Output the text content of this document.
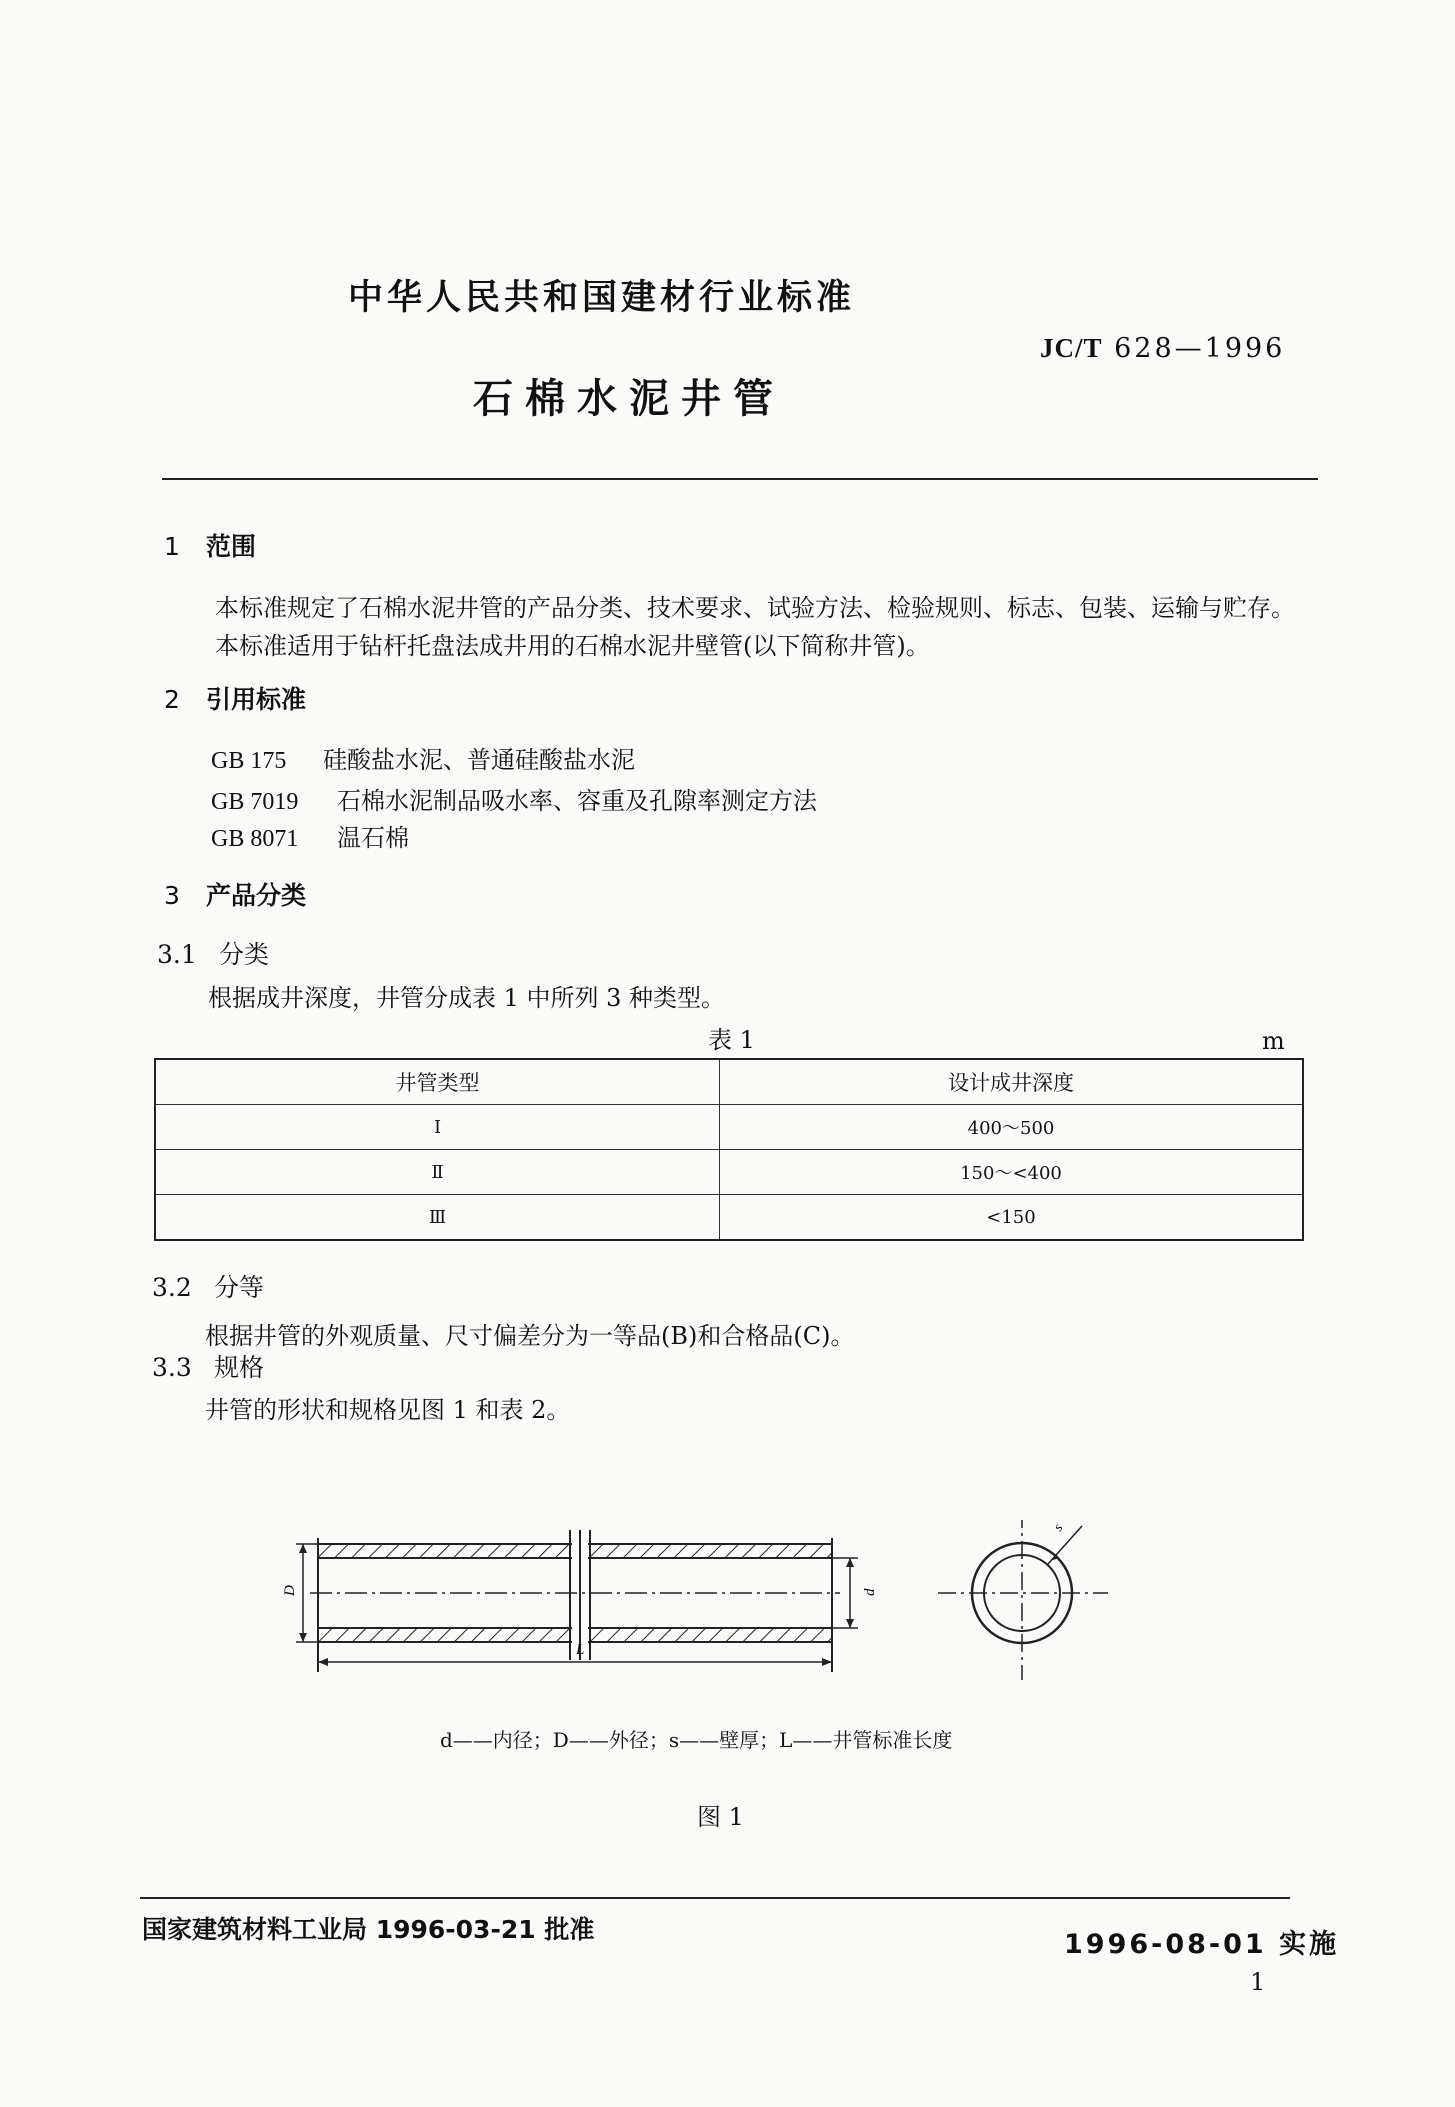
中华人民共和国建材行业标准
JC/T 628—1996
石棉水泥井管
1 范围
本标准规定了石棉水泥井管的产品分类、技术要求、试验方法、检验规则、标志、包装、运输与贮存。
本标准适用于钻杆托盘法成井用的石棉水泥井壁管(以下简称井管)。
2 引用标准
GB 175 硅酸盐水泥、普通硅酸盐水泥
GB 7019 石棉水泥制品吸水率、容重及孔隙率测定方法
GB 8071 温石棉
3 产品分类
3.1 分类
根据成井深度，井管分成表 1 中所列 3 种类型。
表 1	m
井管类型	设计成井深度
Ⅰ	400～500
Ⅱ	150～<400
Ⅲ	<150
3.2 分等
根据井管的外观质量、尺寸偏差分为一等品(B)和合格品(C)。
3.3 规格
井管的形状和规格见图 1 和表 2。
D	d
L
s
d——内径；D——外径；s——壁厚；L——井管标准长度
图 1
国家建筑材料工业局 1996-03-21 批准	1996-08-01 实施
1
